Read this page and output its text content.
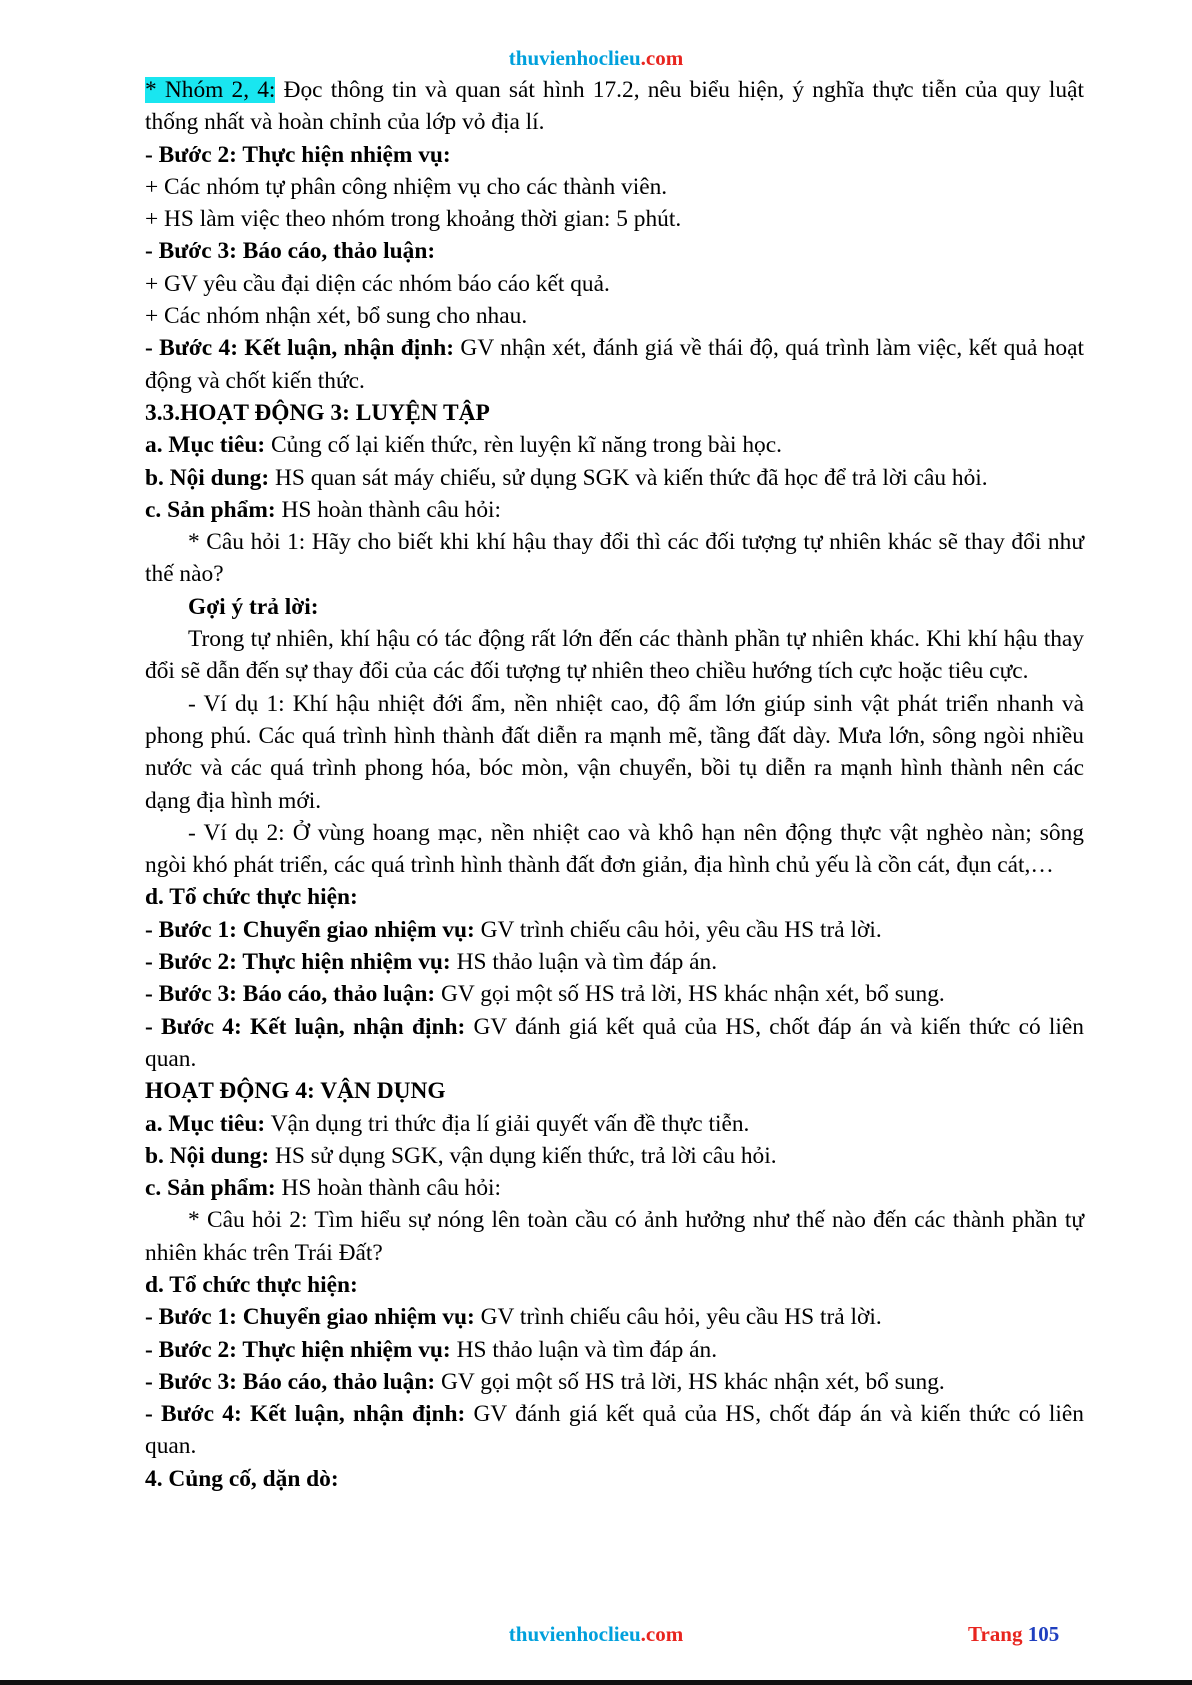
thuvienhoclieu.com

* Nhóm 2, 4: Đọc thông tin và quan sát hình 17.2, nêu biểu hiện, ý nghĩa thực tiễn của quy luật thống nhất và hoàn chỉnh của lớp vỏ địa lí.

- Bước 2: Thực hiện nhiệm vụ:

+ Các nhóm tự phân công nhiệm vụ cho các thành viên.

+ HS làm việc theo nhóm trong khoảng thời gian: 5 phút.

- Bước 3: Báo cáo, thảo luận:

+ GV yêu cầu đại diện các nhóm báo cáo kết quả.

+ Các nhóm nhận xét, bổ sung cho nhau.

- Bước 4: Kết luận, nhận định: GV nhận xét, đánh giá về thái độ, quá trình làm việc, kết quả hoạt động và chốt kiến thức.

3.3.HOẠT ĐỘNG 3: LUYỆN TẬP

a. Mục tiêu: Củng cố lại kiến thức, rèn luyện kĩ năng trong bài học.

b. Nội dung: HS quan sát máy chiếu, sử dụng SGK và kiến thức đã học để trả lời câu hỏi.

c. Sản phẩm: HS hoàn thành câu hỏi:

* Câu hỏi 1: Hãy cho biết khi khí hậu thay đổi thì các đối tượng tự nhiên khác sẽ thay đổi như thế nào?

Gợi ý trả lời:

Trong tự nhiên, khí hậu có tác động rất lớn đến các thành phần tự nhiên khác. Khi khí hậu thay đổi sẽ dẫn đến sự thay đổi của các đối tượng tự nhiên theo chiều hướng tích cực hoặc tiêu cực.

- Ví dụ 1: Khí hậu nhiệt đới ẩm, nền nhiệt cao, độ ẩm lớn giúp sinh vật phát triển nhanh và phong phú. Các quá trình hình thành đất diễn ra mạnh mẽ, tầng đất dày. Mưa lớn, sông ngòi nhiều nước và các quá trình phong hóa, bóc mòn, vận chuyển, bồi tụ diễn ra mạnh hình thành nên các dạng địa hình mới.

- Ví dụ 2: Ở vùng hoang mạc, nền nhiệt cao và khô hạn nên động thực vật nghèo nàn; sông ngòi khó phát triển, các quá trình hình thành đất đơn giản, địa hình chủ yếu là cồn cát, đụn cát,…

d. Tổ chức thực hiện:

- Bước 1: Chuyển giao nhiệm vụ: GV trình chiếu câu hỏi, yêu cầu HS trả lời.

- Bước 2: Thực hiện nhiệm vụ: HS thảo luận và tìm đáp án.

- Bước 3: Báo cáo, thảo luận: GV gọi một số HS trả lời, HS khác nhận xét, bổ sung.

- Bước 4: Kết luận, nhận định: GV đánh giá kết quả của HS, chốt đáp án và kiến thức có liên quan.

HOẠT ĐỘNG 4: VẬN DỤNG

a. Mục tiêu: Vận dụng tri thức địa lí giải quyết vấn đề thực tiễn.

b. Nội dung: HS sử dụng SGK, vận dụng kiến thức, trả lời câu hỏi.

c. Sản phẩm: HS hoàn thành câu hỏi:

* Câu hỏi 2: Tìm hiểu sự nóng lên toàn cầu có ảnh hưởng như thế nào đến các thành phần tự nhiên khác trên Trái Đất?

d. Tổ chức thực hiện:

- Bước 1: Chuyển giao nhiệm vụ: GV trình chiếu câu hỏi, yêu cầu HS trả lời.

- Bước 2: Thực hiện nhiệm vụ: HS thảo luận và tìm đáp án.

- Bước 3: Báo cáo, thảo luận: GV gọi một số HS trả lời, HS khác nhận xét, bổ sung.

- Bước 4: Kết luận, nhận định: GV đánh giá kết quả của HS, chốt đáp án và kiến thức có liên quan.

4. Củng cố, dặn dò:

thuvienhoclieu.com	Trang 105
